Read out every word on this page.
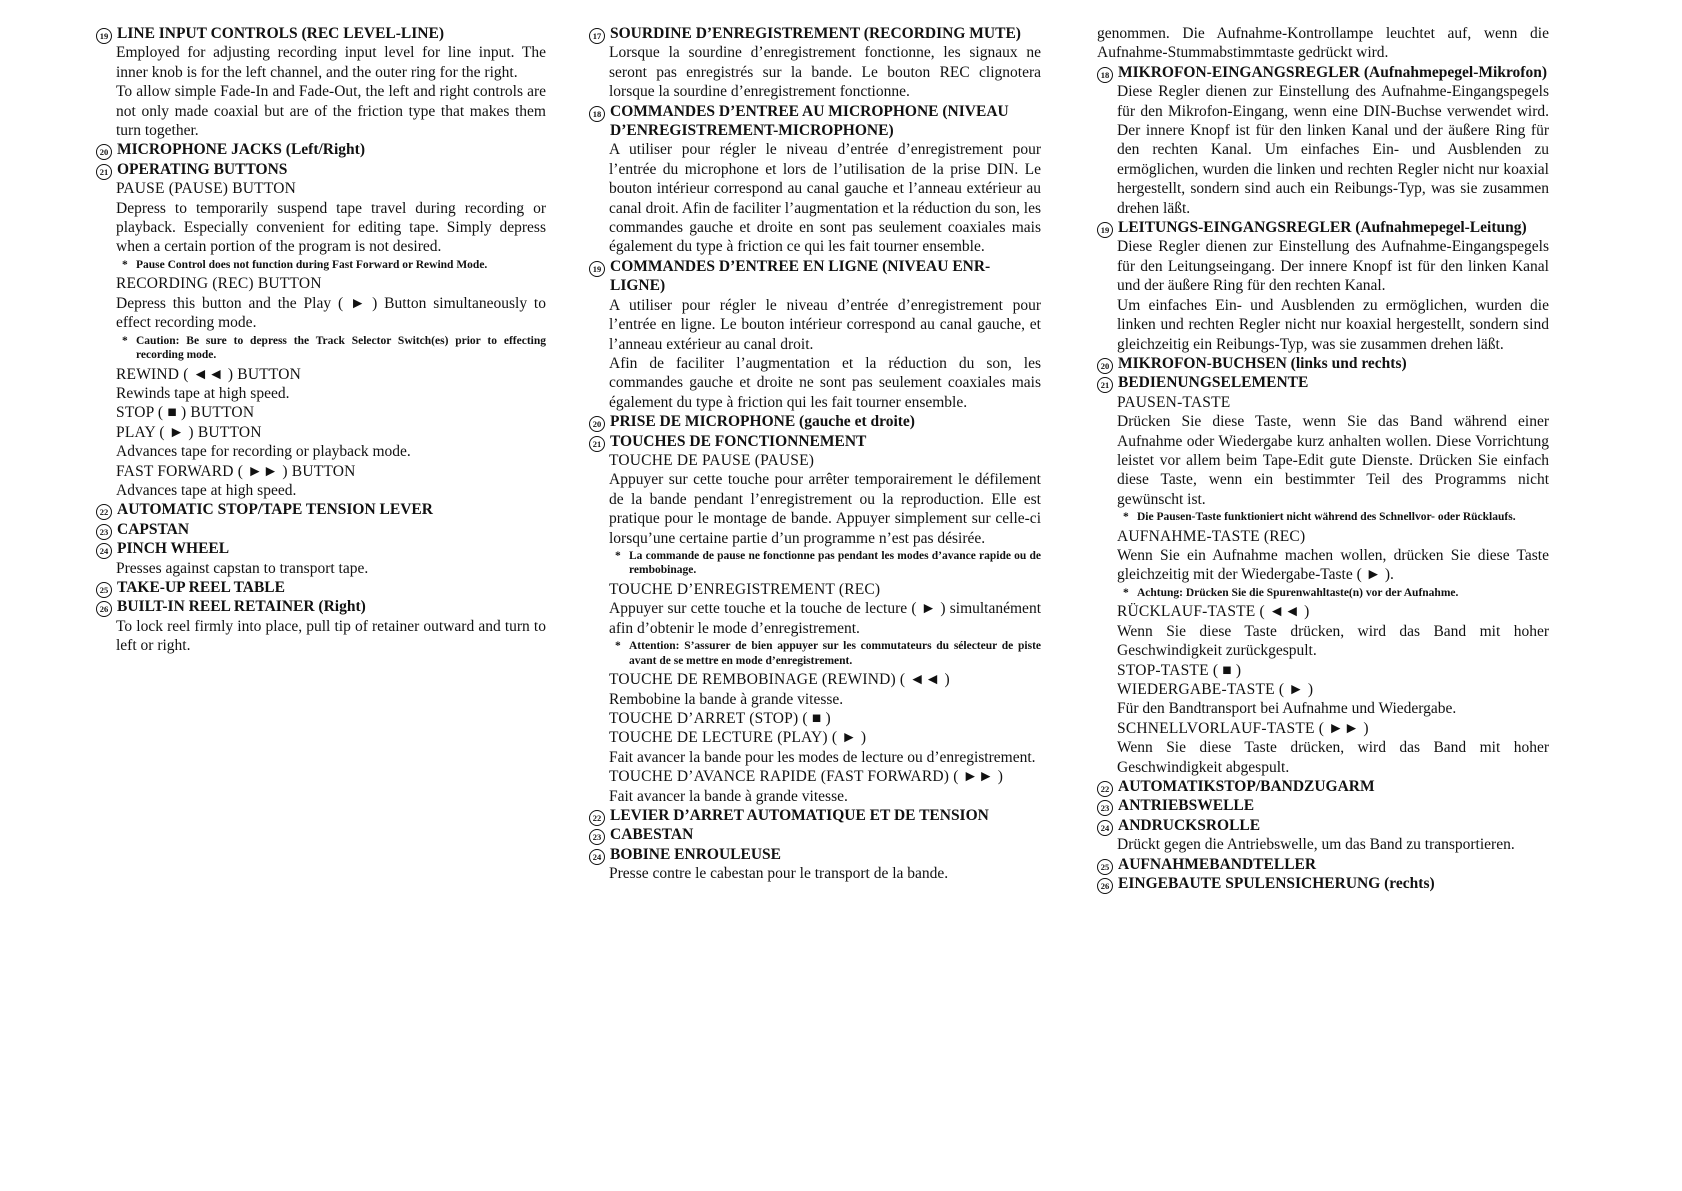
19 LINE INPUT CONTROLS (REC LEVEL-LINE)
Employed for adjusting recording input level for line input. The inner knob is for the left channel, and the outer ring for the right.
To allow simple Fade-In and Fade-Out, the left and right controls are not only made coaxial but are of the friction type that makes them turn together.
20 MICROPHONE JACKS (Left/Right)
21 OPERATING BUTTONS
PAUSE (PAUSE) BUTTON
Depress to temporarily suspend tape travel during recording or playback. Especially convenient for editing tape. Simply depress when a certain portion of the program is not desired.
* Pause Control does not function during Fast Forward or Rewind Mode.
RECORDING (REC) BUTTON
Depress this button and the Play ( ► ) Button simultaneously to effect recording mode.
* Caution: Be sure to depress the Track Selector Switch(es) prior to effecting recording mode.
REWIND ( ◄◄ ) BUTTON
Rewinds tape at high speed.
STOP ( ■ ) BUTTON
PLAY ( ► ) BUTTON
Advances tape for recording or playback mode.
FAST FORWARD ( ►► ) BUTTON
Advances tape at high speed.
22 AUTOMATIC STOP/TAPE TENSION LEVER
23 CAPSTAN
24 PINCH WHEEL
Presses against capstan to transport tape.
25 TAKE-UP REEL TABLE
26 BUILT-IN REEL RETAINER (Right)
To lock reel firmly into place, pull tip of retainer outward and turn to left or right.
17 SOURDINE D’ENREGISTREMENT (RECORDING MUTE)
Lorsque la sourdine d’enregistrement fonctionne, les signaux ne seront pas enregistrés sur la bande. Le bouton REC clignotera lorsque la sourdine d’enregistrement fonctionne.
18 COMMANDES D’ENTREE AU MICROPHONE (NIVEAU D’ENREGISTREMENT-MICROPHONE)
A utiliser pour régler le niveau d’entrée d’enregistrement pour l’entrée du microphone et lors de l’utilisation de la prise DIN. Le bouton intérieur correspond au canal gauche et l’anneau extérieur au canal droit. Afin de faciliter l’augmentation et la réduction du son, les commandes gauche et droite en sont pas seulement coaxiales mais également du type à friction ce qui les fait tourner ensemble.
19 COMMANDES D’ENTREE EN LIGNE (NIVEAU ENR-LIGNE)
A utiliser pour régler le niveau d’entrée d’enregistrement pour l’entrée en ligne. Le bouton intérieur correspond au canal gauche, et l’anneau extérieur au canal droit.
Afin de faciliter l’augmentation et la réduction du son, les commandes gauche et droite ne sont pas seulement coaxiales mais également du type à friction qui les fait tourner ensemble.
20 PRISE DE MICROPHONE (gauche et droite)
21 TOUCHES DE FONCTIONNEMENT
TOUCHE DE PAUSE (PAUSE)
Appuyer sur cette touche pour arrêter temporairement le défilement de la bande pendant l’enregistrement ou la reproduction. Elle est pratique pour le montage de bande. Appuyer simplement sur celle-ci lorsqu’une certaine partie d’un programme n’est pas désirée.
* La commande de pause ne fonctionne pas pendant les modes d’avance rapide ou de rembobinage.
TOUCHE D’ENREGISTREMENT (REC)
Appuyer sur cette touche et la touche de lecture ( ► ) simultanément afin d’obtenir le mode d’enregistrement.
* Attention: S’assurer de bien appuyer sur les commutateurs du sélecteur de piste avant de se mettre en mode d’enregistrement.
TOUCHE DE REMBOBINAGE (REWIND) ( ◄◄ )
Rembobine la bande à grande vitesse.
TOUCHE D’ARRET (STOP) ( ■ )
TOUCHE DE LECTURE (PLAY) ( ► )
Fait avancer la bande pour les modes de lecture ou d’enregistrement.
TOUCHE D’AVANCE RAPIDE (FAST FORWARD) ( ►► )
Fait avancer la bande à grande vitesse.
22 LEVIER D’ARRET AUTOMATIQUE ET DE TENSION
23 CABESTAN
24 BOBINE ENROULEUSE
Presse contre le cabestan pour le transport de la bande.
genommen. Die Aufnahme-Kontrollampe leuchtet auf, wenn die Aufnahme-Stummabstimmtaste gedrückt wird.
18 MIKROFON-EINGANGSREGLER (Aufnahmepegel-Mikrofon)
Diese Regler dienen zur Einstellung des Aufnahme-Eingangspegels für den Mikrofon-Eingang, wenn eine DIN-Buchse verwendet wird. Der innere Knopf ist für den linken Kanal und der äußere Ring für den rechten Kanal. Um einfaches Ein- und Ausblenden zu ermöglichen, wurden die linken und rechten Regler nicht nur koaxial hergestellt, sondern sind auch ein Reibungs-Typ, was sie zusammen drehen läßt.
19 LEITUNGS-EINGANGSREGLER (Aufnahmepegel-Leitung)
Diese Regler dienen zur Einstellung des Aufnahme-Eingangspegels für den Leitungseingang. Der innere Knopf ist für den linken Kanal und der äußere Ring für den rechten Kanal.
Um einfaches Ein- und Ausblenden zu ermöglichen, wurden die linken und rechten Regler nicht nur koaxial hergestellt, sondern sind gleichzeitig ein Reibungs-Typ, was sie zusammen drehen läßt.
20 MIKROFON-BUCHSEN (links und rechts)
21 BEDIENUNGSELEMENTE
PAUSEN-TASTE
Drücken Sie diese Taste, wenn Sie das Band während einer Aufnahme oder Wiedergabe kurz anhalten wollen. Diese Vorrichtung leistet vor allem beim Tape-Edit gute Dienste. Drücken Sie einfach diese Taste, wenn ein bestimmter Teil des Programms nicht gewünscht ist.
* Die Pausen-Taste funktioniert nicht während des Schnellvor- oder Rücklaufs.
AUFNAHME-TASTE (REC)
Wenn Sie ein Aufnahme machen wollen, drücken Sie diese Taste gleichzeitig mit der Wiedergabe-Taste ( ► ).
* Achtung: Drücken Sie die Spurenwahltaste(n) vor der Aufnahme.
RÜCKLAUF-TASTE ( ◄◄ )
Wenn Sie diese Taste drücken, wird das Band mit hoher Geschwindigkeit zurückgespult.
STOP-TASTE ( ■ )
WIEDERGABE-TASTE ( ► )
Für den Bandtransport bei Aufnahme und Wiedergabe.
SCHNELLVORLAUF-TASTE ( ►► )
Wenn Sie diese Taste drücken, wird das Band mit hoher Geschwindigkeit abgespult.
22 AUTOMATIKSTOP/BANDZUGARM
23 ANTRIEBSWELLE
24 ANDRUCKSROLLE
Drückt gegen die Antriebswelle, um das Band zu transportieren.
25 AUFNAHMEBANDTELLER
26 EINGEBAUTE SPULENSICHERUNG (rechts)
